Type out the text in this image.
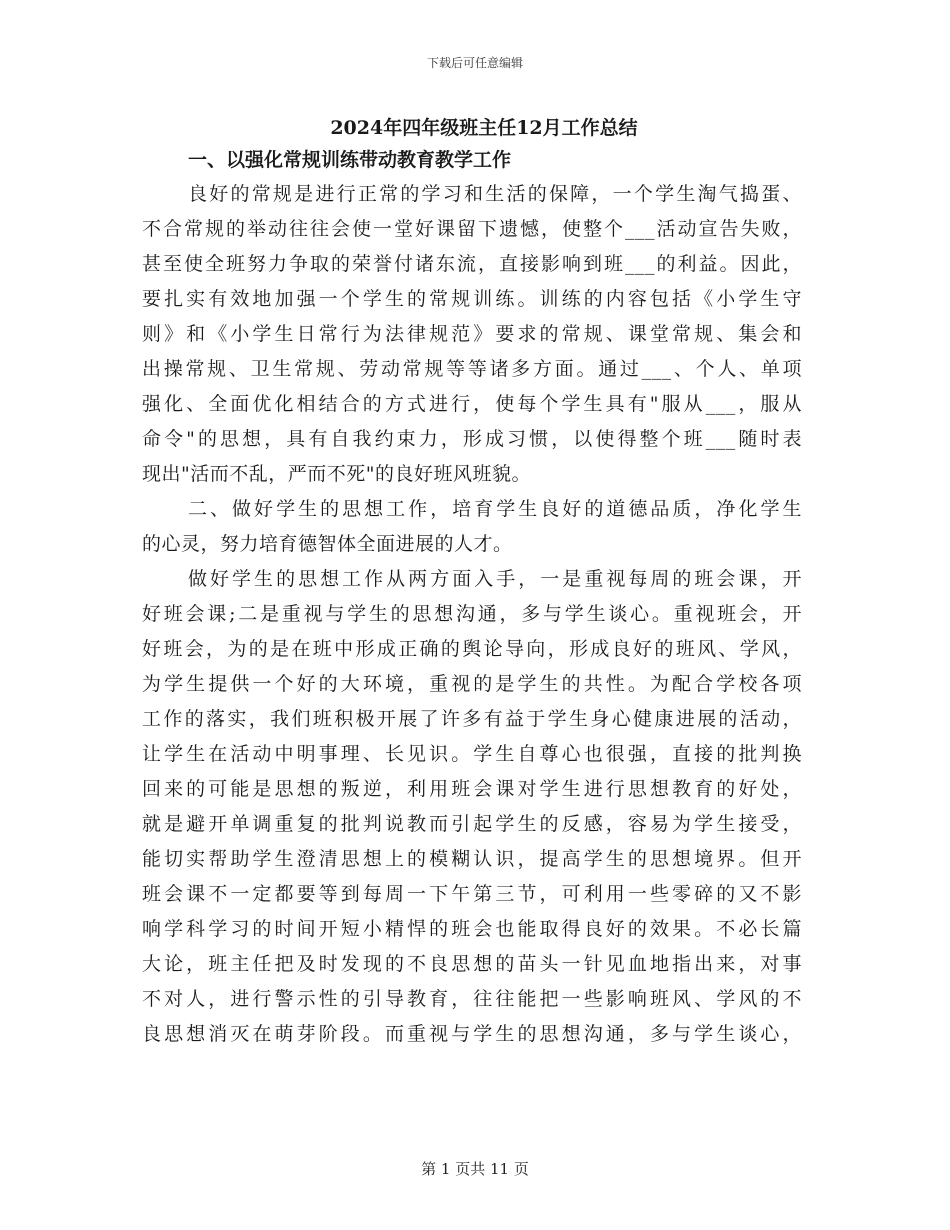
下载后可任意编辑
2024年四年级班主任12月工作总结
一、以强化常规训练带动教育教学工作

良好的常规是进行正常的学习和生活的保障，一个学生淘气捣蛋、
不合常规的举动往往会使一堂好课留下遗憾，使整个___活动宣告失败，
甚至使全班努力争取的荣誉付诸东流，直接影响到班___的利益。因此，
要扎实有效地加强一个学生的常规训练。训练的内容包括《小学生守
则》和《小学生日常行为法律规范》要求的常规、课堂常规、集会和
出操常规、卫生常规、劳动常规等等诸多方面。通过___、个人、单项
强化、全面优化相结合的方式进行，使每个学生具有"服从___，服从
命令"的思想，具有自我约束力，形成习惯，以使得整个班___随时表
现出"活而不乱，严而不死"的良好班风班貌。

二、做好学生的思想工作，培育学生良好的道德品质，净化学生
的心灵，努力培育德智体全面进展的人才。

做好学生的思想工作从两方面入手，一是重视每周的班会课，开
好班会课;二是重视与学生的思想沟通，多与学生谈心。重视班会，开
好班会，为的是在班中形成正确的舆论导向，形成良好的班风、学风，
为学生提供一个好的大环境，重视的是学生的共性。为配合学校各项
工作的落实，我们班积极开展了许多有益于学生身心健康进展的活动，
让学生在活动中明事理、长见识。学生自尊心也很强，直接的批判换
回来的可能是思想的叛逆，利用班会课对学生进行思想教育的好处，
就是避开单调重复的批判说教而引起学生的反感，容易为学生接受，
能切实帮助学生澄清思想上的模糊认识，提高学生的思想境界。但开
班会课不一定都要等到每周一下午第三节，可利用一些零碎的又不影
响学科学习的时间开短小精悍的班会也能取得良好的效果。不必长篇
大论，班主任把及时发现的不良思想的苗头一针见血地指出来，对事
不对人，进行警示性的引导教育，往往能把一些影响班风、学风的不
良思想消灭在萌芽阶段。而重视与学生的思想沟通，多与学生谈心，

第 1 页共 11 页
